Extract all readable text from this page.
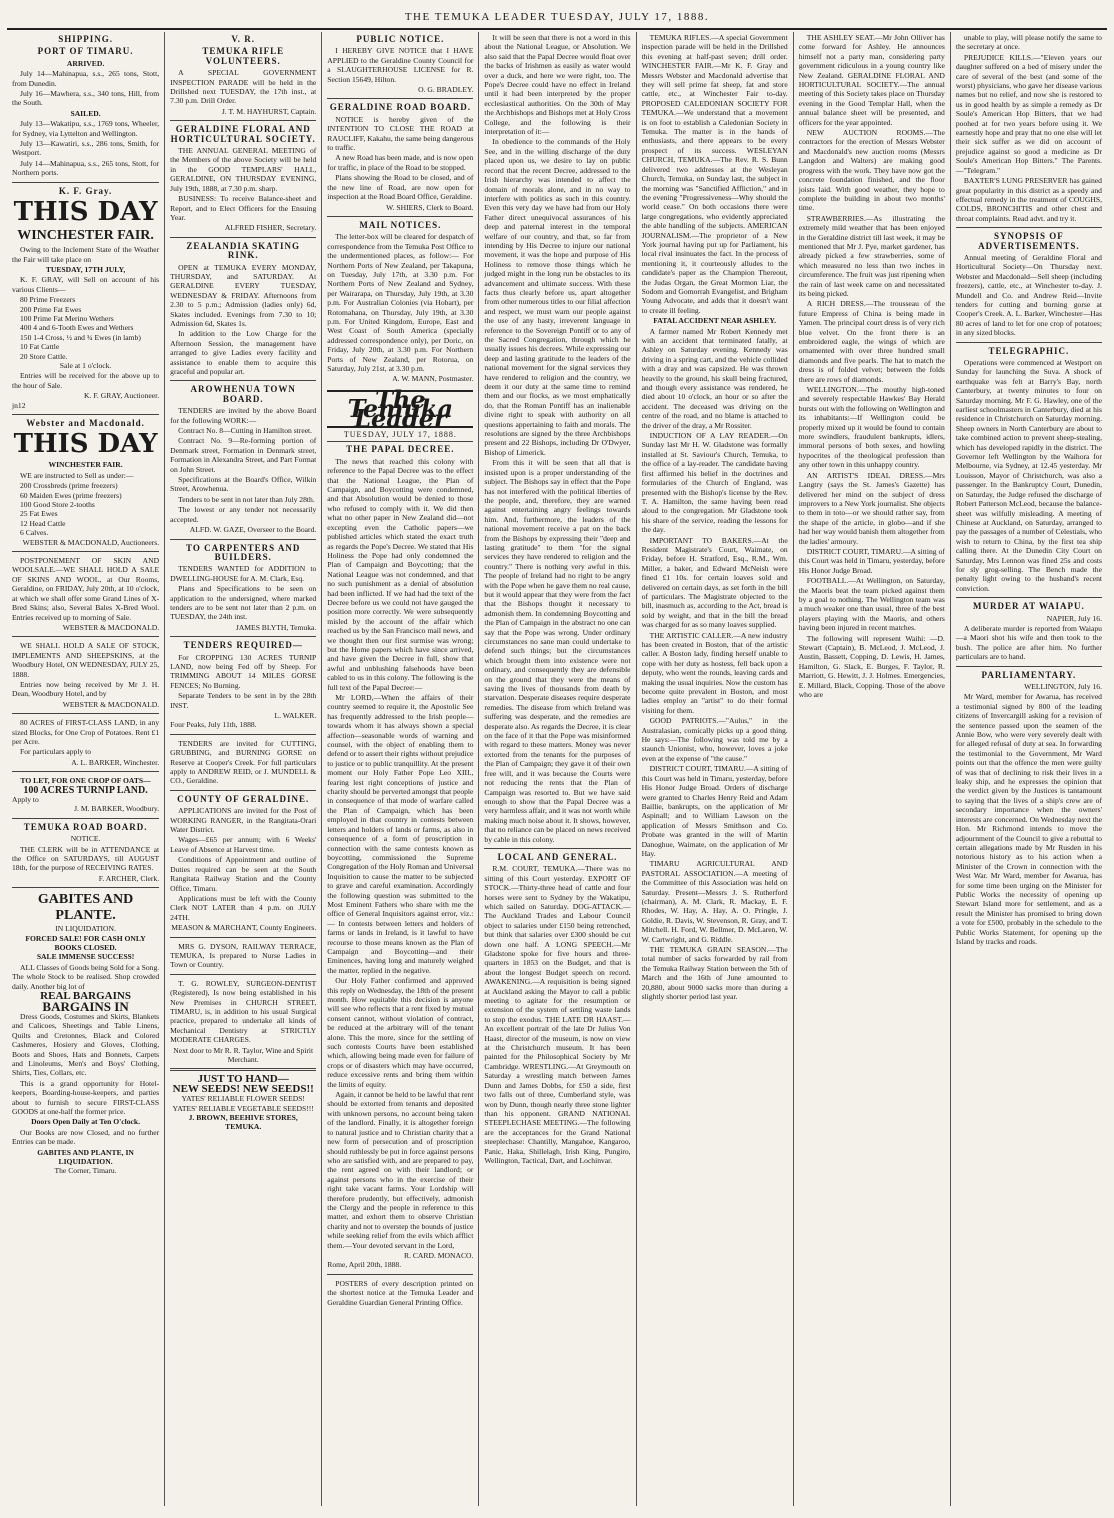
THE TEMUKA LEADER TUESDAY, JULY 17, 1888.
SHIPPING.
PORT OF TIMARU.
ARRIVED.
July 14—Mahinapua, s.s., 265 tons, Stott, from Dunedin.
July 16—Mawhera, s.s., 340 tons, Hill, from the South.
SAILED.
July 13—Wakatipu, s.s., 1769 tons, Wheeler, for Sydney, via Lyttelton and Wellington.
July 13—Kawatiri, s.s., 286 tons, Smith, for Westport.
July 14—Mahinapua, s.s., 265 tons, Stott, for Northern ports.
K. F. Gray.
THIS DAY
WINCHESTER FAIR.
Owing to the Inclement State of the Weather the Fair will take place on
TUESDAY, 17TH JULY,
K. F. GRAY, will Sell on account of his various Clients—
80 Prime Freezers
200 Prime Fat Ewes
100 Prime Fat Merino Wethers
400 4 and 6-Tooth Ewes and Wethers
150 1-4 Cross, ½ and ¾ Ewes (in lamb)
10 Fat Cattle
20 Store Cattle.
Sale at 1 o'clock.
Entries will be received for the above up to the hour of Sale.
K. F. GRAY, Auctioneer.
jn12
Webster and Macdonald.
THIS DAY
WINCHESTER FAIR.
WE are instructed to Sell as under:—
200 Crossbreds (prime freezers)
60 Maiden Ewes (prime freezers)
100 Good Store 2-tooths
25 Fat Ewes
12 Head Cattle
6 Calves.
WEBSTER & MACDONALD, Auctioneers.
POSTPONEMENT OF SKIN AND WOOLSALE.—WE SHALL HOLD A SALE OF SKINS AND WOOL, at Our Rooms, Geraldine, on FRIDAY, July 20th, at 10 o'clock, at which we shall offer some Grand Lines of X-Bred Skins; also, Several Bales X-Bred Wool. Entries received up to morning of Sale.
WEBSTER & MACDONALD.
WE SHALL HOLD A SALE OF STOCK, IMPLEMENTS AND SHEEPSKINS, at the Woodbury Hotel, ON WEDNESDAY, JULY 25, 1888.
Entries now being received by Mr J. H. Dean, Woodbury Hotel, and by
WEBSTER & MACDONALD.
80 ACRES of FIRST-CLASS LAND, in any sized Blocks, for One Crop of Potatoes. Rent £1 per Acre.
For particulars apply to
A. L. BARKER, Winchester.
TO LET, FOR ONE CROP OF OATS—
100 ACRES TURNIP LAND.
Apply to
J. M. BARKER, Woodbury.
TEMUKA ROAD BOARD.
NOTICE.
THE CLERK will be in ATTENDANCE at the Office on SATURDAYS, till AUGUST 18th, for the purpose of RECEIVING RATES.
F. ARCHER, Clerk.
GABITES AND PLANTE.
IN LIQUIDATION.
FORCED SALE! FOR CASH ONLY BOOKS CLOSED.
SALE IMMENSE SUCCESS!
ALL Classes of Goods being Sold for a Song. The whole Stock to be realised. Shop crowded daily. Another big lot of
REAL BARGAINS
BARGAINS IN
Dress Goods, Costumes and Skirts, Blankets and Calicoes, Sheetings and Table Linens, Quilts and Cretonnes, Black and Colored Cashmeres, Hosiery and Gloves, Clothing, Boots and Shoes, Hats and Bonnets, Carpets and Linoleums, Men's and Boys' Clothing, Shirts, Ties, Collars, etc.
This is a grand opportunity for Hotel-keepers, Boarding-house-keepers, and parties about to furnish to secure FIRST-CLASS GOODS at one-half the former price.
Doors Open Daily at Ten O'clock.
Our Books are now Closed, and no further Entries can be made.
GABITES AND PLANTE, IN LIQUIDATION.
The Corner, Timaru.
V. R.
TEMUKA RIFLE VOLUNTEERS.
A SPECIAL GOVERNMENT INSPECTION PARADE will be held in the Drillshed next TUESDAY, the 17th inst., at 7.30 p.m. Drill Order.
J. T. M. HAYHURST, Captain.
GERALDINE FLORAL AND HORTICULTURAL SOCIETY.
THE ANNUAL GENERAL MEETING of the Members of the above Society will be held in the GOOD TEMPLARS' HALL, GERALDINE, ON THURSDAY EVENING, July 19th, 1888, at 7.30 p.m. sharp.
BUSINESS: To receive Balance-sheet and Report, and to Elect Officers for the Ensuing Year.
ALFRED FISHER, Secretary.
ZEALANDIA SKATING RINK.
OPEN at TEMUKA EVERY MONDAY, THURSDAY, and SATURDAY. At GERALDINE EVERY TUESDAY, WEDNESDAY & FRIDAY. Afternoons from 2.30 to 5 p.m.; Admission (ladies only) 6d, Skates included. Evenings from 7.30 to 10; Admission 6d, Skates 1s.
In addition to the Low Charge for the Afternoon Session, the management have arranged to give Ladies every facility and assistance to enable them to acquire this graceful and popular art.
AROWHENUA TOWN BOARD.
TENDERS are invited by the above Board for the following WORK:—
Contract No. 8—Cutting in Hamilton street.
Contract No. 9—Re-forming portion of Denmark street, Formation in Denmark street, Formation in Alexandra Street, and Part Format on John Street.
Specifications at the Board's Office, Wilkin Street, Arowhenua.
Tenders to be sent in not later than July 28th.
The lowest or any tender not necessarily accepted.
ALFD. W. GAZE, Overseer to the Board.
TO CARPENTERS AND BUILDERS.
TENDERS WANTED for ADDITION to DWELLING-HOUSE for A. M. Clark, Esq.
Plans and Specifications to be seen on application to the undersigned, where marked tenders are to be sent not later than 2 p.m. on TUESDAY, the 24th inst.
JAMES BLYTH, Temuka.
TENDERS REQUIRED—
For CROPPING 130 ACRES TURNIP LAND, now being Fed off by Sheep. For TRIMMING ABOUT 14 MILES GORSE FENCES; No Burning.
Separate Tenders to be sent in by the 28th INST.
L. WALKER.
Four Peaks, July 11th, 1888.
TENDERS are invited for CUTTING, GRUBBING, and BURNING GORSE on Reserve at Cooper's Creek. For full particulars apply to ANDREW REID, or J. MUNDELL & CO., Geraldine.
COUNTY OF GERALDINE.
APPLICATIONS are invited for the Post of WORKING RANGER, in the Rangitata-Orari Water District.
Wages—£65 per annum; with 6 Weeks' Leave of Absence at Harvest time.
Conditions of Appointment and outline of Duties required can be seen at the South Rangitata Railway Station and the County Office, Timaru.
Applications must be left with the County Clerk NOT LATER than 4 p.m. on JULY 24TH.
MEASON & MARCHANT, County Engineers.
MRS G. DYSON, RAILWAY TERRACE, TEMUKA, Is prepared to Nurse Ladies in Town or Country.
T. G. ROWLEY, SURGEON-DENTIST (Registered), Is now being established in his New Premises in CHURCH STREET, TIMARU, is, in addition to his usual Surgical practice, prepared to undertake all kinds of Mechanical Dentistry at STRICTLY MODERATE CHARGES.
Next door to Mr R. R. Taylor, Wine and Spirit Merchant.
JUST TO HAND—
NEW SEEDS! NEW SEEDS!!
YATES' RELIABLE FLOWER SEEDS!
YATES' RELIABLE VEGETABLE SEEDS!!!
J. BROWN, BEEHIVE STORES, TEMUKA.
PUBLIC NOTICE.
I HEREBY GIVE NOTICE that I HAVE APPLIED to the Geraldine County Council for a SLAUGHTERHOUSE LICENSE for R. Section 15649, Hilton.
O. G. BRADLEY.
GERALDINE ROAD BOARD.
NOTICE is hereby given of the INTENTION TO CLOSE THE ROAD at RAUCLIFF, Kakahu, the same being dangerous to traffic.
A new Road has been made, and is now open for traffic, in place of the Road to be stopped.
Plans showing the Road to be closed, and of the new line of Road, are now open for inspection at the Road Board Office, Geraldine.
W. SHIERS, Clerk to Board.
MAIL NOTICES.
The letter-box will be cleared for despatch of correspondence from the Temuka Post Office to the undermentioned places, as follow:— For Northern Ports of New Zealand, per Takapuna, on Tuesday, July 17th, at 3.30 p.m. For Northern Ports of New Zealand and Sydney, per Wairarapa, on Thursday, July 19th, at 3.30 p.m. For Australian Colonies (via Hobart), per Rotomahana, on Thursday, July 19th, at 3.30 p.m. For United Kingdom, Europe, East and West Coast of South America (specially addressed correspondence only), per Doric, on Friday, July 20th, at 3.30 p.m. For Northern Ports of New Zealand, per Rotorua, on Saturday, July 21st, at 3.30 p.m.
A. W. MANN, Postmaster.
The Temuka Leader
TUESDAY, JULY 17, 1888.
THE PAPAL DECREE.

The news that reached this colony with reference to the Papal Decree was to the effect that the National League, the Plan of Campaign, and Boycotting were condemned, and that Absolution would be denied to those who refused to comply with it. We did then what no other paper in New Zealand did—not excepting even the Catholic papers—we published articles which stated the exact truth as regards the Pope's Decree. We stated that His Holiness the Pope had only condemned the Plan of Campaign and Boycotting; that the National League was not condemned, and that no such punishment as a denial of absolution had been inflicted. If we had had the text of the Decree before us we could not have gauged the position more correctly. We were subsequently misled by the account of the affair which reached us by the San Francisco mail news, and we thought then our first surmise was wrong; but the Home papers which have since arrived, and have given the Decree in full, show that awful and unblushing falsehoods have been cabled to us in this colony. The following is the full text of the Papal Decree:—

Mr LORD,—When the affairs of their country seemed to require it, the Apostolic See has frequently addressed to the Irish people—towards whom it has always shown a special affection—seasonable words of warning and counsel, with the object of enabling them to defend or to assert their rights without prejudice to justice or to public tranquillity. At the present moment our Holy Father Pope Leo XIII., fearing lest right conceptions of justice and charity should be perverted amongst that people in consequence of that mode of warfare called the Plan of Campaign, which has been employed in that country in contests between letters and holders of lands or farms, as also in consequence of a form of proscription in connection with the same contests known as boycotting, commissioned the Supreme Congregation of the Holy Roman and Universal Inquisition to cause the matter to be subjected to grave and careful examination. Accordingly the following question was submitted to the Most Eminent Fathers who share with me the office of General Inquisitors against error, viz.:— In contests between letters and holders of farms or lands in Ireland, is it lawful to have recourse to those means known as the Plan of Campaign and Boycotting—and their Eminences, having long and maturely weighed the matter, replied in the negative.

Our Holy Father confirmed and approved this reply on Wednesday, the 18th of the present month. How equitable this decision is anyone will see who reflects that a rent fixed by mutual consent cannot, without violation of contract, be reduced at the arbitrary will of the tenant alone. This the more, since for the settling of such contests Courts have been established which, allowing being made even for failure of crops or of disasters which may have occurred, reduce excessive rents and bring them within the limits of equity.

Again, it cannot be held to be lawful that rent should be extorted from tenants and deposited with unknown persons, no account being taken of the landlord. Finally, it is altogether foreign to natural justice and to Christian charity that a new form of persecution and of proscription should ruthlessly be put in force against persons who are satisfied with, and are prepared to pay, the rent agreed on with their landlord; or against persons who in the exercise of their right take vacant farms. Your Lordship will therefore prudently, but effectively, admonish the Clergy and the people in reference to this matter, and exhort them to observe Christian charity and not to overstep the bounds of justice while seeking relief from the evils which afflict them.—Your devoted servant in the Lord,

R. CARD. MONACO.
Rome, April 20th, 1888.
POSTERS of every description printed on the shortest notice at the Temuka Leader and Geraldine Guardian General Printing Office.

It will be seen that there is not a word in this about the National League, or Absolution. We also said that the Papal Decree would float over the backs of Irishmen as easily as water would over a duck, and here we were right, too. The Pope's Decree could have no effect in Ireland until it had been interpreted by the proper ecclesiastical authorities. On the 30th of May the Archbishops and Bishops met at Holy Cross College, and the following is their interpretation of it:—

In obedience to the commands of the Holy See, and in the willing discharge of the duty placed upon us, we desire to lay on public record that the recent Decree, addressed to the Irish hierarchy was intended to affect the domain of morals alone, and in no way to interfere with politics as such in this country. Even this very day we have had from our Holy Father direct unequivocal assurances of his deep and paternal interest in the temporal welfare of our country, and that, so far from intending by His Decree to injure our national movement, it was the hope and purpose of His Holiness to remove those things which he judged might in the long run be obstacles to its advancement and ultimate success. With these facts thus clearly before us, apart altogether from other numerous titles to our filial affection and respect, we must warn our people against the use of any hasty, irreverent language in reference to the Sovereign Pontiff or to any of the Sacred Congregation, through which he usually issues his decrees. While expressing our deep and lasting gratitude to the leaders of the national movement for the signal services they have rendered to religion and the country, we deem it our duty at the same time to remind them and our flocks, as we most emphatically do, that the Roman Pontiff has an inalienable divine right to speak with authority on all questions appertaining to faith and morals. The resolutions are signed by the three Archbishops present and 22 Bishops, including Dr O'Dwyer, Bishop of Limerick.

From this it will be seen that all that is insisted upon is a proper understanding of the subject. The Bishops say in effect that the Pope has not interfered with the political liberties of the people, and, therefore, they are warned against entertaining angry feelings towards him. And, furthermore, the leaders of the national movement receive a pat on the back from the Bishops by expressing their "deep and lasting gratitude" to them "for the signal services they have rendered to religion and the country." There is nothing very awful in this. The people of Ireland had no right to be angry with the Pope when he gave them no real cause, but it would appear that they were from the fact that the Bishops thought it necessary to admonish them. In condemning Boycotting and the Plan of Campaign in the abstract no one can say that the Pope was wrong. Under ordinary circumstances no sane man could undertake to defend such things; but the circumstances which brought them into existence were not ordinary, and consequently they are defensible on the ground that they were the means of saving the lives of thousands from death by starvation. Desperate diseases require desperate remedies. The disease from which Ireland was suffering was desperate, and the remedies are desperate also. As regards the Decree, it is clear on the face of it that the Pope was misinformed with regard to these matters. Money was never extorted from the tenants for the purposes of the Plan of Campaign; they gave it of their own free will, and it was because the Courts were not reducing the rents that the Plan of Campaign was resorted to. But we have said enough to show that the Papal Decree was a very harmless affair, and it was not worth while making much noise about it. It shows, however, that no reliance can be placed on news received by cable in this colony.

LOCAL AND GENERAL.

R.M. COURT, TEMUKA.—There was no sitting of this Court yesterday. EXPORT OF STOCK.—Thirty-three head of cattle and four horses were sent to Sydney by the Wakatipu, which sailed on Saturday. DOG-ATTACK.—The Auckland Trades and Labour Council object to salaries under £150 being retrenched, but think that salaries over £300 should be cut down one half. A LONG SPEECH.—Mr Gladstone spoke for five hours and three-quarters in 1853 on the Budget, and that is about the longest Budget speech on record. AWAKENING.—A requisition is being signed at Auckland asking the Mayor to call a public meeting to agitate for the resumption or extension of the system of settling waste lands to stop the exodus. THE LATE DR HAAST.—An excellent portrait of the late Dr Julius Von Haast, director of the museum, is now on view at the Christchurch museum. It has been painted for the Philosophical Society by Mr Cambridge. WRESTLING.—At Greymouth on Saturday a wrestling match between James Dunn and James Dobbs, for £50 a side, first two falls out of three, Cumberland style, was won by Dunn, though nearly three stone lighter than his opponent. GRAND NATIONAL STEEPLECHASE MEETING.—The following are the acceptances for the Grand National steeplechase: Chantilly, Mangahoe, Kangaroo, Panic, Haka, Shillelagh, Irish King, Pungiro, Wellington, Tactical, Dart, and Lochinvar.

TEMUKA RIFLES.—A special Government inspection parade will be held in the Drillshed this evening at half-past seven; drill order. WINCHESTER FAIR.—Mr K. F. Gray and Messrs Webster and Macdonald advertise that they will sell prime fat sheep, fat and store cattle, etc., at Winchester Fair to-day. PROPOSED CALEDONIAN SOCIETY FOR TEMUKA.—We understand that a movement is on foot to establish a Caledonian Society in Temuka. The matter is in the hands of enthusiasts, and there appears to be every prospect of its success. WESLEYAN CHURCH, TEMUKA.—The Rev. R. S. Bunn delivered two addresses at the Wesleyan Church, Temuka, on Sunday last, the subject in the morning was "Sanctified Affliction," and in the evening "Progressiveness—Why should the world cease." On both occasions there were large congregations, who evidently appreciated the able handling of the subjects. AMERICAN JOURNALISM.—The proprietor of a New York journal having put up for Parliament, his local rival insinuates the fact. In the process of mentioning it, it courteously alludes to the candidate's paper as the Champion Thereout, the Judas Organ, the Great Mormon Liar, the Sodom and Gomorrah Evangelist, and Brigham Young Advocate, and adds that it doesn't want to create ill feeling.

FATAL ACCIDENT NEAR ASHLEY.

A farmer named Mr Robert Kennedy met with an accident that terminated fatally, at Ashley on Saturday evening. Kennedy was driving in a spring cart, and the vehicle collided with a dray and was capsized. He was thrown heavily to the ground, his skull being fractured, and though every assistance was rendered, he died about 10 o'clock, an hour or so after the accident. The deceased was driving on the centre of the road, and no blame is attached to the driver of the dray, a Mr Rossiter.

INDUCTION OF A LAY READER.—On Sunday last Mr H. W. Gladstone was formally installed at St. Saviour's Church, Temuka, to the office of a lay-reader. The candidate having first affirmed his belief in the doctrines and formularies of the Church of England, was presented with the Bishop's license by the Rev. T. A. Hamilton, the same having been read aloud to the congregation. Mr Gladstone took his share of the service, reading the lessons for the day.

IMPORTANT TO BAKERS.—At the Resident Magistrate's Court, Waimate, on Friday, before H. Stratford, Esq., R.M., Wm. Miller, a baker, and Edward McNeish were fined £1 10s. for certain loaves sold and delivered on certain days, as set forth in the bill of particulars. The Magistrate objected to the bill, inasmuch as, according to the Act, bread is sold by weight, and that in the bill the bread was charged for as so many loaves supplied.

THE ARTISTIC CALLER.—A new industry has been created in Boston, that of the artistic caller. A Boston lady, finding herself unable to cope with her duty as hostess, fell back upon a deputy, who went the rounds, leaving cards and making the usual inquiries. Now the custom has become quite prevalent in Boston, and most ladies employ an "artist" to do their formal visiting for them.

GOOD PATRIOTS.—"Aulus," in the Australasian, comically picks up a good thing. He says:—The following was told me by a staunch Unionist, who, however, loves a joke even at the expense of "the cause."

DISTRICT COURT, TIMARU.—A sitting of this Court was held in Timaru, yesterday, before His Honor Judge Broad. Orders of discharge were granted to Charles Henry Reid and Adam Baillie, bankrupts, on the application of Mr Aspinall; and to William Lawson on the application of Messrs Smithson and Co. Probate was granted in the will of Martin Danoghue, Waimate, on the application of Mr Hay.

TIMARU AGRICULTURAL AND PASTORAL ASSOCIATION.—A meeting of the Committee of this Association was held on Saturday. Present—Messrs J. S. Rutherford (chairman), A. M. Clark, R. Mackay, E. F. Rhodes, W. Hay, A. Hay, A. O. Pringle, J. Goldie, R. Davis, W. Stevenson, R. Gray, and T. Mitchell. H. Ford, W. Bellmer, D. McLaren, W. W. Cartwright, and G. Riddle.

THE TEMUKA GRAIN SEASON.—The total number of sacks forwarded by rail from the Temuka Railway Station between the 5th of March and the 16th of June amounted to 20,880, about 9000 sacks more than during a slightly shorter period last year.

THE ASHLEY SEAT.—Mr John Olliver has come forward for Ashley. He announces himself not a party man, considering party government ridiculous in a young country like New Zealand. GERALDINE FLORAL AND HORTICULTURAL SOCIETY.—The annual meeting of this Society takes place on Thursday evening in the Good Templar Hall, when the annual balance sheet will be presented, and officers for the year appointed.

NEW AUCTION ROOMS.—The contractors for the erection of Messrs Webster and Macdonald's new auction rooms (Messrs Langdon and Walters) are making good progress with the work. They have now got the concrete foundation finished, and the floor joists laid. With good weather, they hope to complete the building in about two months' time.

STRAWBERRIES.—As illustrating the extremely mild weather that has been enjoyed in the Geraldine district till last week, it may be mentioned that Mr J. Pye, market gardener, has already picked a few strawberries, some of which measured no less than two inches in circumference. The fruit was just ripening when the rain of last week came on and necessitated its being picked.

A RICH DRESS.—The trousseau of the future Empress of China is being made in Yamen. The principal court dress is of very rich blue velvet. On the front there is an embroidered eagle, the wings of which are ornamented with over three hundred small diamonds and five pearls. The hat to match the dress is of folded velvet; between the folds there are rows of diamonds.

WELLINGTON.—The mouthy high-toned and severely respectable Hawkes' Bay Herald bursts out with the following on Wellington and its inhabitants:—If Wellington could be properly mixed up it would be found to contain more swindlers, fraudulent bankrupts, idlers, immoral persons of both sexes, and howling hypocrites of the theological profession than any other town in this unhappy country.

AN ARTIST'S IDEAL DRESS.—Mrs Langtry (says the St. James's Gazette) has delivered her mind on the subject of dress improvers to a New York journalist. She objects to them in toto—or we should rather say, from the shape of the article, in globo—and if she had her way would banish them altogether from the ladies' armoury.

DISTRICT COURT, TIMARU.—A sitting of this Court was held in Timaru, yesterday, before His Honor Judge Broad.

FOOTBALL.—At Wellington, on Saturday, the Maoris beat the team picked against them by a goal to nothing. The Wellington team was a much weaker one than usual, three of the best players playing with the Maoris, and others having been injured in recent matches.

The following will represent Waihi: —D. Stewart (Captain), B. McLeod, J. McLeod, J. Austin, Bassett, Copping, D. Lewis, H. James, Hamilton, G. Slack, E. Burges, F. Taylor, R. Marriott, G. Hewitt, J. J. Holmes. Emergencies, E. Millard, Black, Copping. Those of the above who are

unable to play, will please notify the same to the secretary at once.

PREJUDICE KILLS.—"Eleven years our daughter suffered on a bed of misery under the care of several of the best (and some of the worst) physicians, who gave her disease various names but no relief, and now she is restored to us in good health by as simple a remedy as Dr Soule's American Hop Bitters, that we had poohed at for two years before using it. We earnestly hope and pray that no one else will let their sick suffer as we did on account of prejudice against so good a medicine as Dr Soule's American Hop Bitters." The Parents.—"Telegram."

BAXTER'S LUNG PRESERVER has gained great popularity in this district as a speedy and effectual remedy in the treatment of COUGHS, COLDS, BRONCHITIS and other chest and throat complaints. Read advt. and try it.

SYNOPSIS OF ADVERTISEMENTS.

Annual meeting of Geraldine Floral and Horticultural Society—On Thursday next. Webster and Macdonald—Sell sheep (including freezers), cattle, etc., at Winchester to-day. J. Mundell and Co. and Andrew Reid—Invite tenders for cutting and burning gorse at Cooper's Creek. A. L. Barker, Winchester—Has 80 acres of land to let for one crop of potatoes; in any sized blocks.

TELEGRAPHIC.

Operations were commenced at Westport on Sunday for launching the Suva. A shock of earthquake was felt at Barry's Bay, north Canterbury, at twenty minutes to four on Saturday morning. Mr F. G. Hawley, one of the earliest schoolmasters in Canterbury, died at his residence in Christchurch on Saturday morning. Sheep owners in North Canterbury are about to take combined action to prevent sheep-stealing, which has developed rapidly in the district. The Governor left Wellington by the Waihora for Melbourne, via Sydney, at 12.45 yesterday. Mr Louisson, Mayor of Christchurch, was also a passenger. In the Bankruptcy Court, Dunedin, on Saturday, the Judge refused the discharge of Robert Patterson McLeod, because the balance-sheet was wilfully misleading. A meeting of Chinese at Auckland, on Saturday, arranged to pay the passages of a number of Celestials, who wish to return to China, by the first tea ship calling there. At the Dunedin City Court on Saturday, Mrs Lennon was fined 25s and costs for sly grog-selling. The Bench made the penalty light owing to the husband's recent conviction.

MURDER AT WAIAPU.
NAPIER, July 16.

A deliberate murder is reported from Waiapu—a Maori shot his wife and then took to the bush. The police are after him. No further particulars are to hand.

PARLIAMENTARY.
WELLINGTON, July 16.

Mr Ward, member for Awarua, has received a testimonial signed by 800 of the leading citizens of Invercargill asking for a revision of the sentence passed upon the seamen of the Annie Bow, who were very severely dealt with for alleged refusal of duty at sea. In forwarding the testimonial to the Government, Mr Ward points out that the offence the men were guilty of was that of declining to risk their lives in a leaky ship, and he expresses the opinion that the verdict given by the Justices is tantamount to saying that the lives of a ship's crew are of secondary importance when the owners' interests are concerned. On Wednesday next the Hon. Mr Richmond intends to move the adjournment of the Council to give a rebuttal to certain allegations made by Mr Rusden in his notorious history as to his action when a Minister of the Crown in connection with the West War. Mr Ward, member for Awarua, has for some time been urging on the Minister for Public Works the necessity of opening up Stewart Island more for settlement, and as a result the Minister has promised to bring down a vote for £500, probably in the schedule to the Public Works Statement, for opening up the Island by tracks and roads.
